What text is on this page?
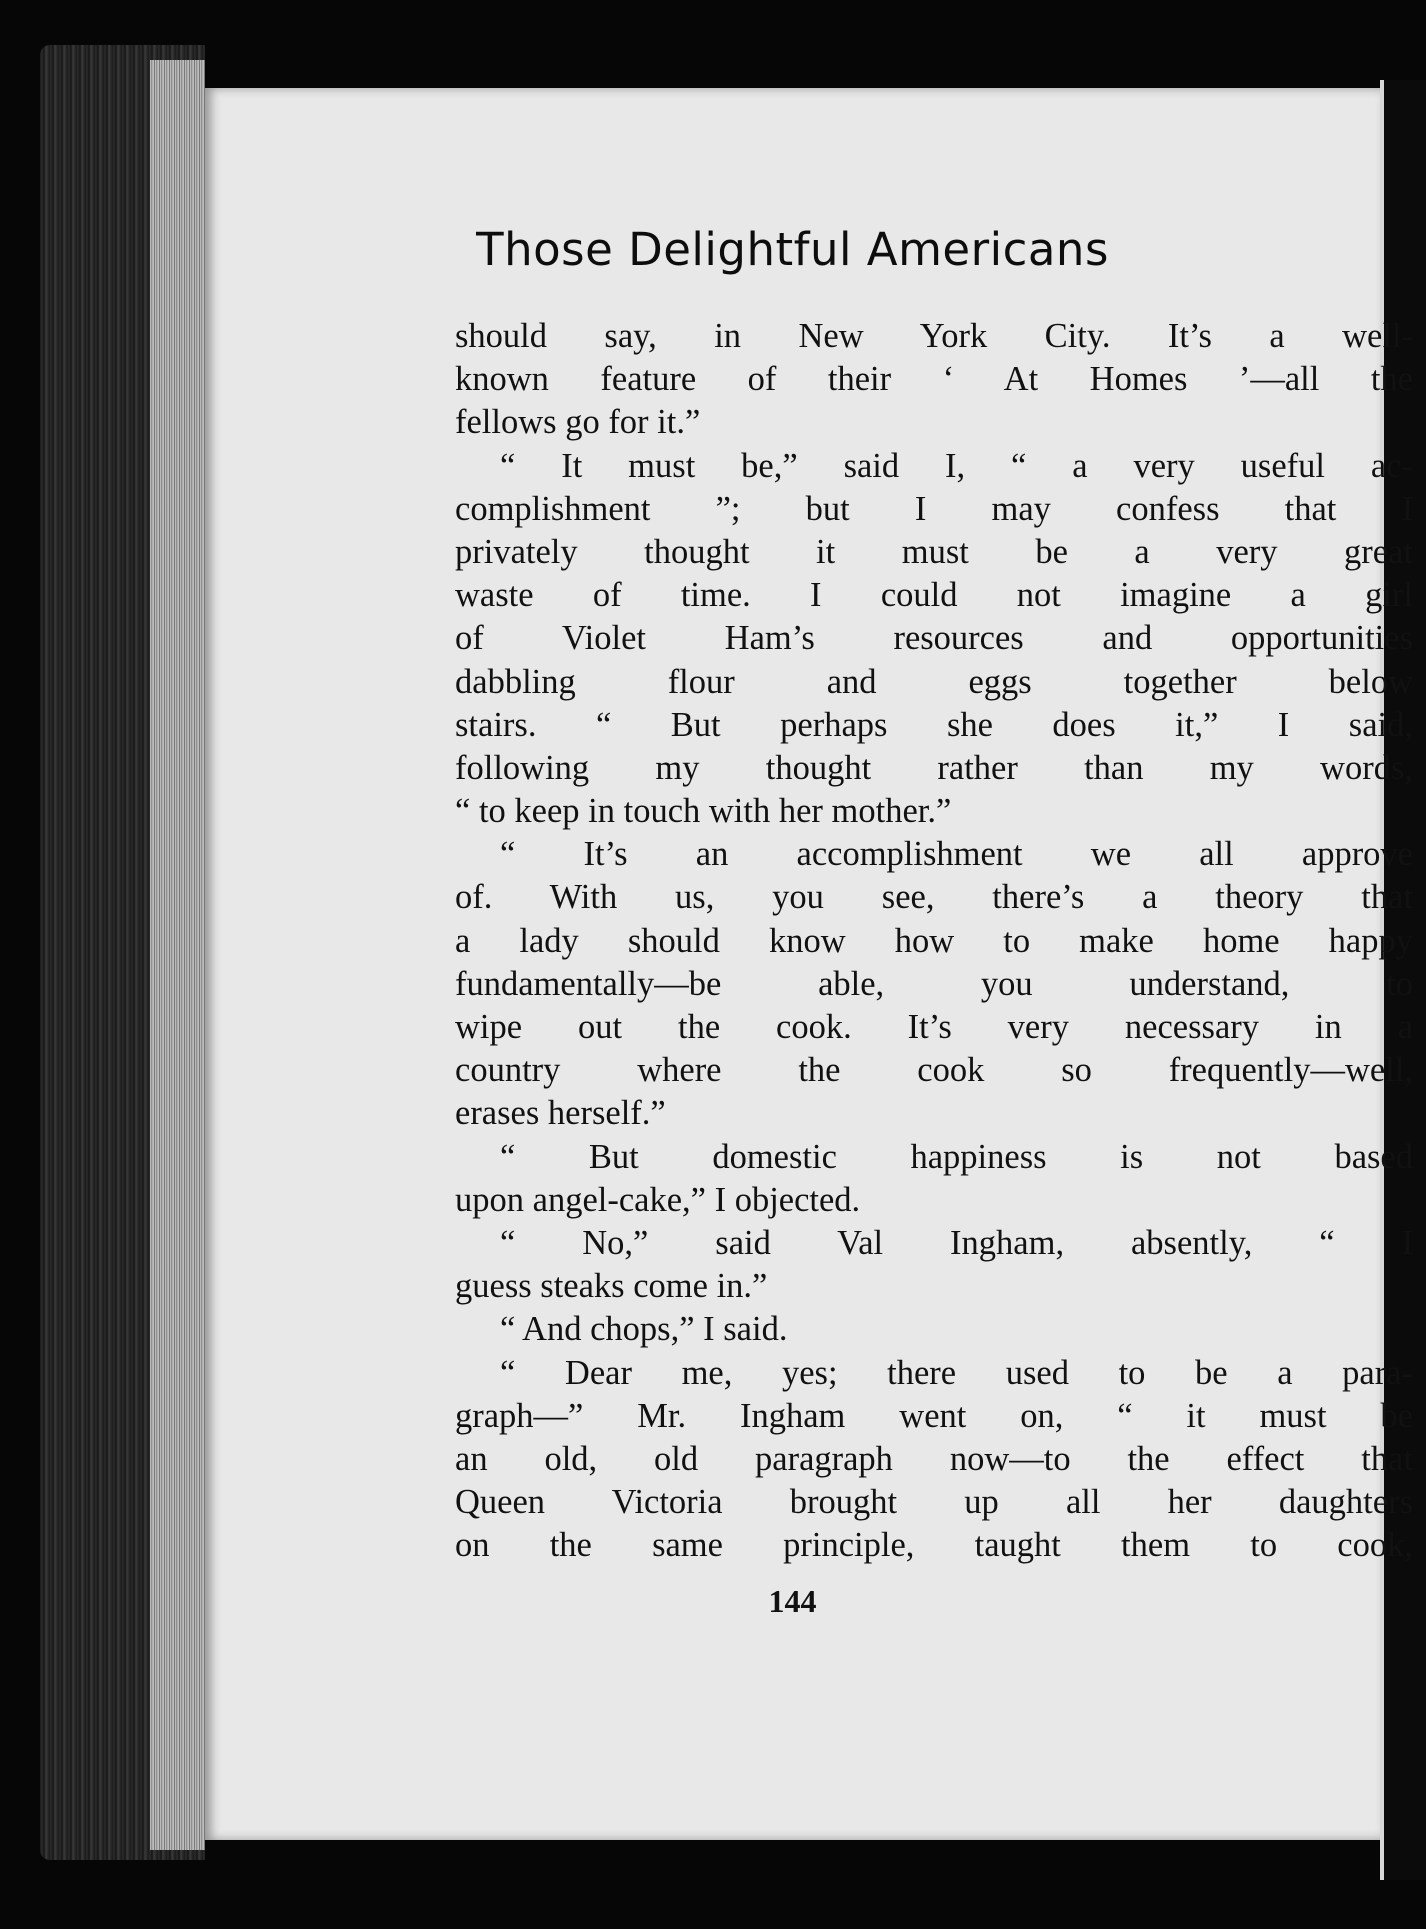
Those Delightful Americans
should say, in New York City. It’s a well-
known feature of their ‘ At Homes ’—all the
fellows go for it.”
“ It must be,” said I, “ a very useful ac-
complishment ”; but I may confess that I
privately thought it must be a very great
waste of time. I could not imagine a girl
of Violet Ham’s resources and opportunities
dabbling flour and eggs together below
stairs. “ But perhaps she does it,” I said,
following my thought rather than my words,
“ to keep in touch with her mother.”
“ It’s an accomplishment we all approve
of. With us, you see, there’s a theory that
a lady should know how to make home happy
fundamentally—be able, you understand, to
wipe out the cook. It’s very necessary in a
country where the cook so frequently—well,
erases herself.”
“ But domestic happiness is not based
upon angel-cake,” I objected.
“ No,” said Val Ingham, absently, “ I
guess steaks come in.”
“ And chops,” I said.
“ Dear me, yes; there used to be a para-
graph—” Mr. Ingham went on, “ it must be
an old, old paragraph now—to the effect that
Queen Victoria brought up all her daughters
on the same principle, taught them to cook,
144
